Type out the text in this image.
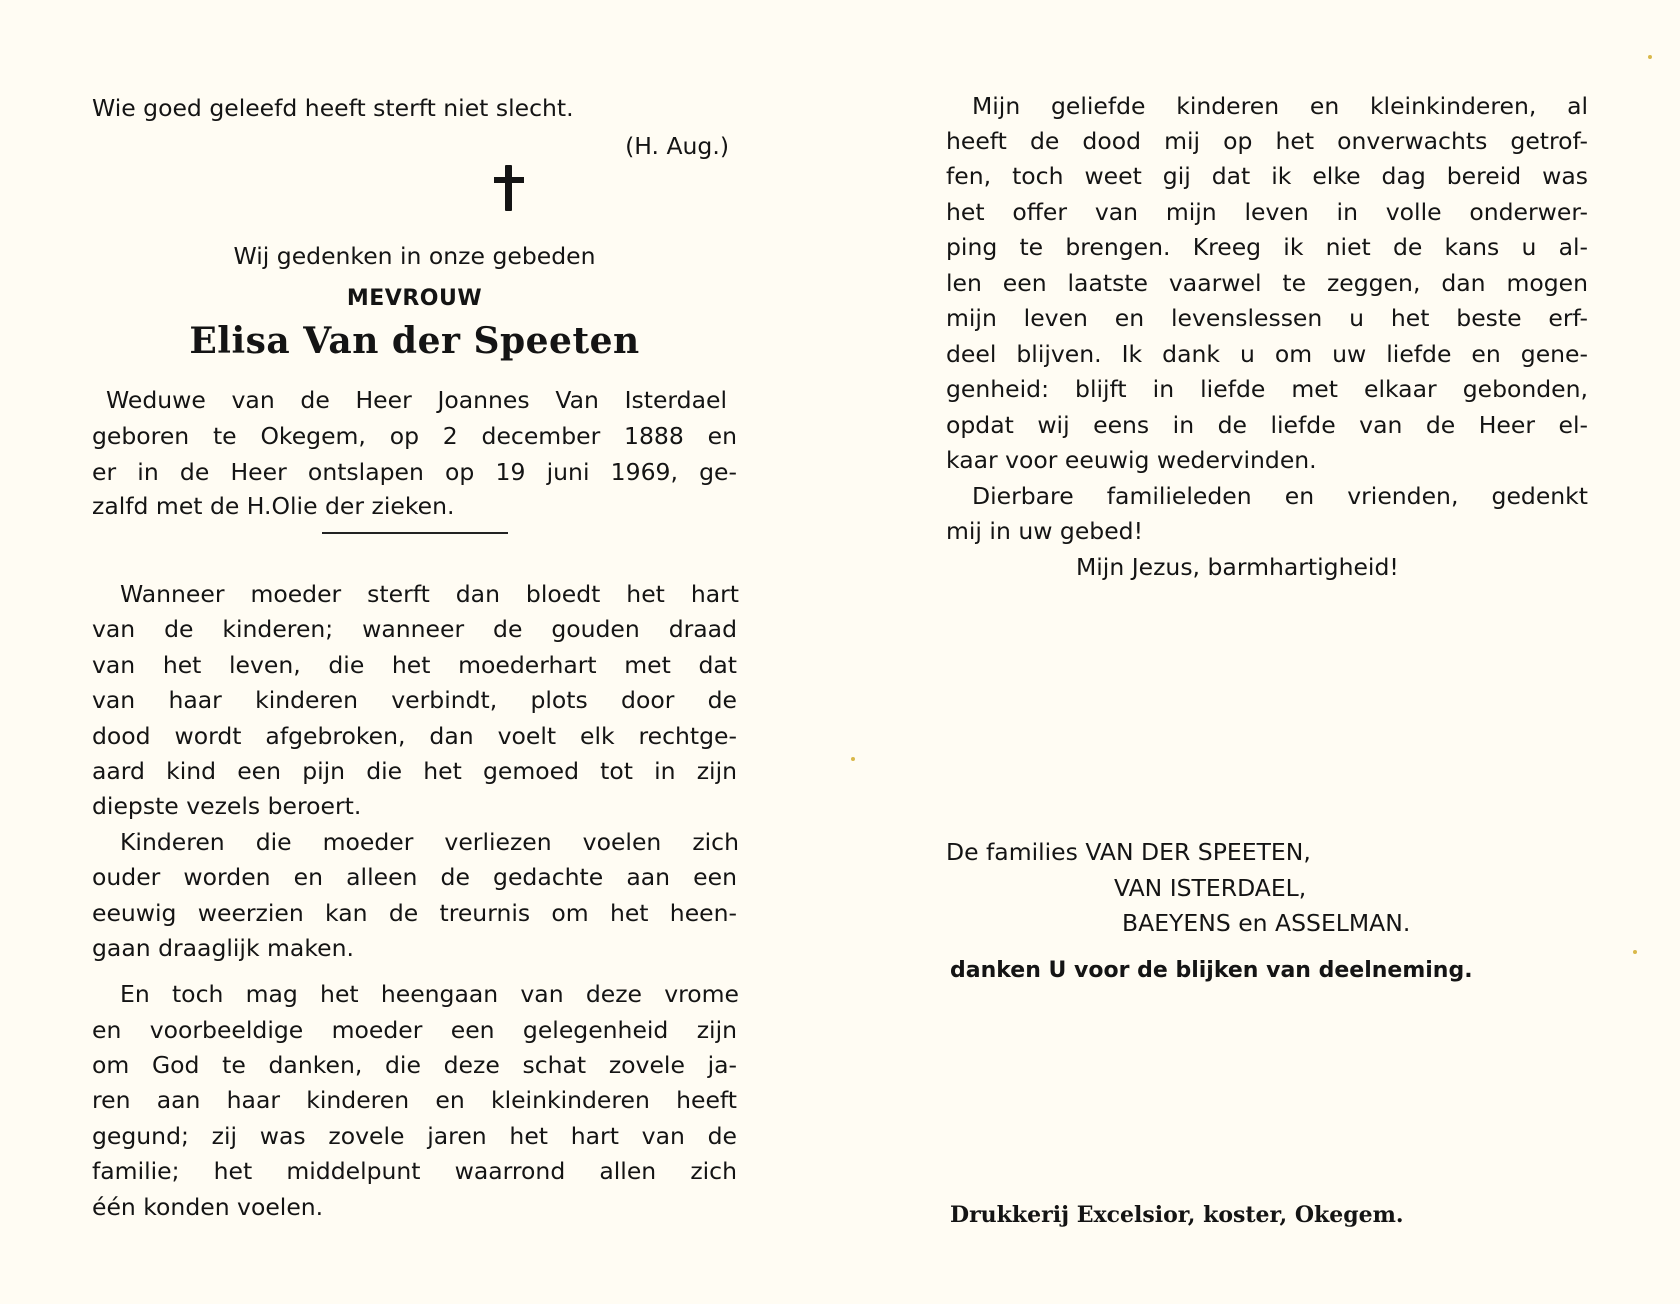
Wie goed geleefd heeft sterft niet slecht.
(H. Aug.)
Wij gedenken in onze gebeden
MEVROUW
Elisa Van der Speeten
Weduwe van de Heer Joannes Van Isterdael
geboren te Okegem, op 2 december 1888 en
er in de Heer ontslapen op 19 juni 1969, ge-
zalfd met de H.Olie der zieken.
Wanneer moeder sterft dan bloedt het hart
van de kinderen; wanneer de gouden draad
van het leven, die het moederhart met dat
van haar kinderen verbindt, plots door de
dood wordt afgebroken, dan voelt elk rechtge-
aard kind een pijn die het gemoed tot in zijn
diepste vezels beroert.
Kinderen die moeder verliezen voelen zich
ouder worden en alleen de gedachte aan een
eeuwig weerzien kan de treurnis om het heen-
gaan draaglijk maken.
En toch mag het heengaan van deze vrome
en voorbeeldige moeder een gelegenheid zijn
om God te danken, die deze schat zovele ja-
ren aan haar kinderen en kleinkinderen heeft
gegund; zij was zovele jaren het hart van de
familie; het middelpunt waarrond allen zich
één konden voelen.
Mijn geliefde kinderen en kleinkinderen, al
heeft de dood mij op het onverwachts getrof-
fen, toch weet gij dat ik elke dag bereid was
het offer van mijn leven in volle onderwer-
ping te brengen. Kreeg ik niet de kans u al-
len een laatste vaarwel te zeggen, dan mogen
mijn leven en levenslessen u het beste erf-
deel blijven. Ik dank u om uw liefde en gene-
genheid: blijft in liefde met elkaar gebonden,
opdat wij eens in de liefde van de Heer el-
kaar voor eeuwig wedervinden.
Dierbare familieleden en vrienden, gedenkt
mij in uw gebed!
Mijn Jezus, barmhartigheid!
De families VAN DER SPEETEN,
VAN ISTERDAEL,
BAEYENS en ASSELMAN.
danken U voor de blijken van deelneming.
Drukkerij Excelsior, koster, Okegem.
